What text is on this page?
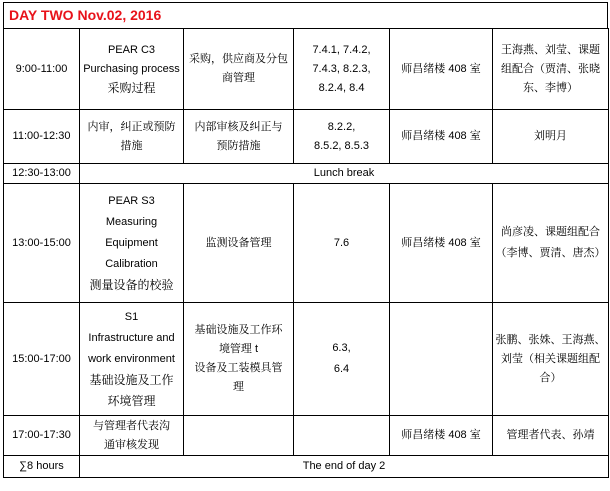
DAY TWO Nov.02, 2016
9:00-11:00	PEAR C3
Purchasing process
采购过程	采购，供应商及分包
商管理	7.4.1, 7.4.2,
7.4.3, 8.2.3,
8.2.4, 8.4	师昌绪楼 408 室	王海燕、刘莹、课题
组配合（贾清、张晓
东、李博）

11:00-12:30	内审，纠正或预防
措施	内部审核及纠正与
预防措施	8.2.2,
8.5.2, 8.5.3	师昌绪楼 408 室	刘明月

12:30-13:00	Lunch break				
13:00-15:00	PEAR S3
Measuring
Equipment
Calibration
测量设备的校验	监测设备管理	7.6	师昌绪楼 408 室	尚彦凌、课题组配合
（李博、贾清、唐杰）

15:00-17:00	S1
Infrastructure and
work environment
基础设施及工作
环境管理	基础设施及工作环
境管理 t
设备及工装模具管
理	6.3,
6.4		张鹏、张姝、王海燕、
刘莹（相关课题组配
合）

17:00-17:30	与管理者代表沟
通审核发现			师昌绪楼 408 室	管理者代表、孙靖

∑8 hours	The end of day 2				
